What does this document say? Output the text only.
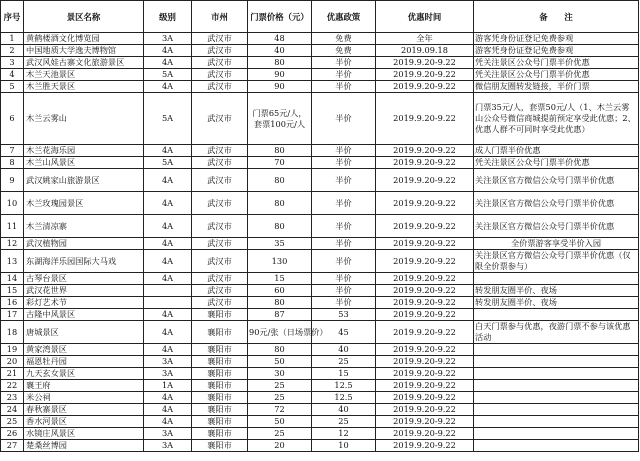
序号	景区名称	级别	市州	门票价格（元）	优惠政策	优惠时间	备　　注
1	黄鹤楼酒文化博览园	3A	武汉市	48	免费	全年	游客凭身份证登记免费参观
2	中国地质大学逸夫博物馆	4A	武汉市	40	免费	2019.09.18	游客凭身份证登记免费参观
3	武汉风娃古寨文化旅游景区	4A	武汉市	80	半价	2019.9.20-9.22	凭关注景区公众号门票半价优惠
4	木兰天池景区	5A	武汉市	90	半价	2019.9.20-9.22	凭关注景区公众号门票半价优惠
5	木兰胜天景区	4A	武汉市	90	半价	2019.9.20-9.22	微信朋友圈转发链接，半价门票
6	木兰云雾山	5A	武汉市	门票65元/人，套票100元/人	半价	2019.9.20-9.22	门票35元/人，套票50元/人（1、木兰云雾山公众号微信商城提前预定享受此优惠；2、优惠人群不可同时享受此优惠）
7	木兰花海乐园	4A	武汉市	80	半价	2019.9.20-9.22	成人门票半价优惠
8	木兰山风景区	5A	武汉市	70	半价	2019.9.20-9.22	凭关注景区公众号门票半价优惠
9	武汉姚家山旅游景区	4A	武汉市	80	半价	2019.9.20-9.22	关注景区官方微信公众号门票半价优惠
10	木兰玫瑰园景区	4A	武汉市	80	半价	2019.9.20-9.22	关注景区官方微信公众号门票半价优惠
11	木兰清凉寨	4A	武汉市	80	半价	2019.9.20-9.22	关注景区官方微信公众号门票半价优惠
12	武汉植物园	4A	武汉市	35	半价	2019.9.20-9.22	全价票游客享受半价入园
13	东湖海洋乐园国际大马戏	4A	武汉市	130	半价	2019.9.20-9.22	关注景区官方微信公众号门票半价优惠（仅限全价票参与）
14	古琴台景区	4A	武汉市	15	半价	2019.9.20-9.22	
15	武汉花世界		武汉市	60	半价	2019.9.20-9.22	转发朋友圈半价、夜场
16	彩灯艺术节		武汉市	80	半价	2019.9.20-9.22	转发朋友圈半价、夜场
17	古隆中风景区	4A	襄阳市	87	53	2019.9.20-9.22	
18	唐城景区	4A	襄阳市	90元/张（日场票价）	45	2019.9.20-9.22	白天门票参与优惠，夜游门票不参与该优惠活动
19	黄家湾景区	4A	襄阳市	80	40	2019.9.20-9.22	
20	福恩牡丹园	3A	襄阳市	50	25	2019.9.20-9.22	
21	九天玄女景区	3A	襄阳市	30	15	2019.9.20-9.22	
22	襄王府	1A	襄阳市	25	12.5	2019.9.20-9.22	
23	米公祠	4A	襄阳市	25	12.5	2019.9.20-9.22	
24	春秋寨景区	4A	襄阳市	72	40	2019.9.20-9.22	
25	香水河景区	4A	襄阳市	50	25	2019.9.20-9.22	
26	水镜庄风景区	3A	襄阳市	25	12	2019.9.20-9.22	
27	楚桑丝博园	3A	襄阳市	20	10	2019.9.20-9.22	
